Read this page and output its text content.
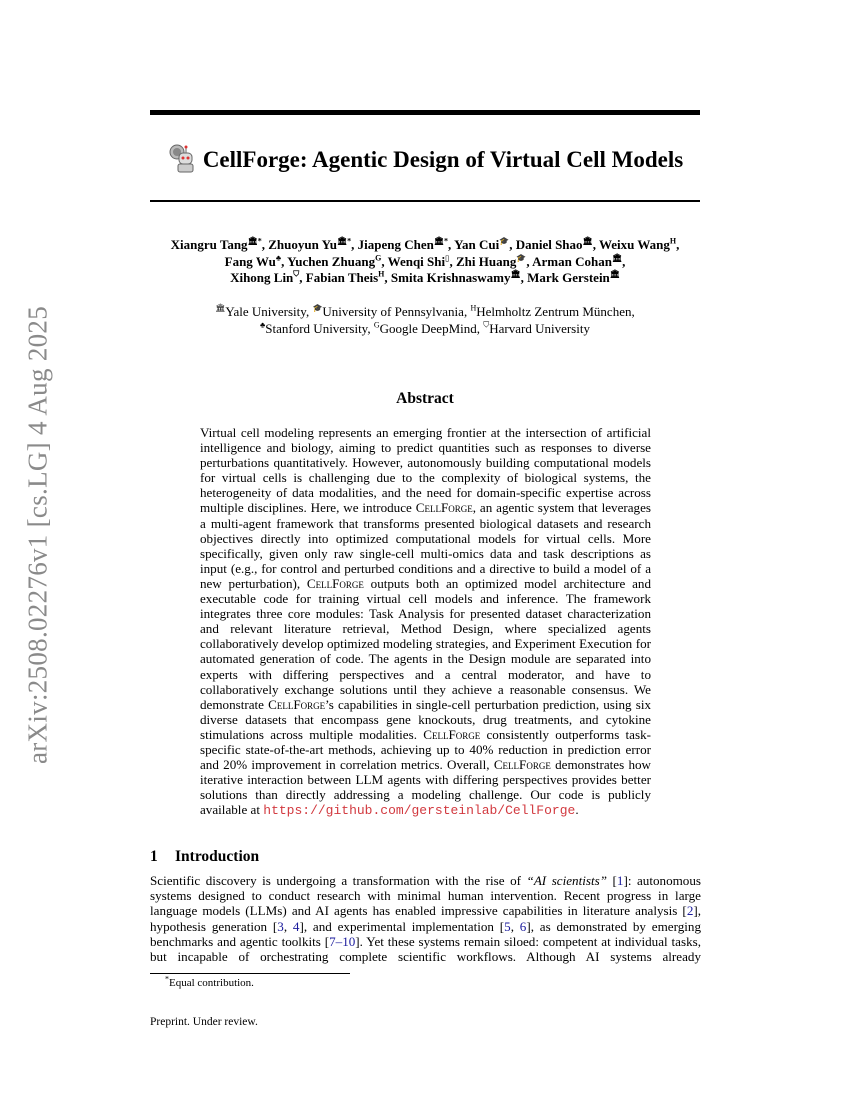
arXiv:2508.02276v1 [cs.LG] 4 Aug 2025
CellForge: Agentic Design of Virtual Cell Models
Xiangru Tang🏛*, Zhuoyun Yu🏛*, Jiapeng Chen🏛*, Yan Cui🎓, Daniel Shao🏛, Weixu Wang$^H$,
Fang Wu♣, Yuchen Zhuang$^G$, Wenqi Shi▯, Zhi Huang🎓, Arman Cohan🏛,
Xihong Lin⛉, Fabian Theis$^H$, Smita Krishnaswamy🏛, Mark Gerstein🏛
🏛Yale University, 🎓University of Pennsylvania, $^H$Helmholtz Zentrum München,
♣Stanford University, $^G$Google DeepMind, ⛉Harvard University
Abstract
Virtual cell modeling represents an emerging frontier at the intersection of artificial intelligence and biology, aiming to predict quantities such as responses to diverse perturbations quantitatively. However, autonomously building computational models for virtual cells is challenging due to the complexity of biological systems, the heterogeneity of data modalities, and the need for domain-specific expertise across multiple disciplines. Here, we introduce CellForge, an agentic system that leverages a multi-agent framework that transforms presented biological datasets and research objectives directly into optimized computational models for virtual cells. More specifically, given only raw single-cell multi-omics data and task descriptions as input (e.g., for control and perturbed conditions and a directive to build a model of a new perturbation), CellForge outputs both an optimized model architecture and executable code for training virtual cell models and inference. The framework integrates three core modules: Task Analysis for presented dataset characterization and relevant literature retrieval, Method Design, where specialized agents collaboratively develop optimized modeling strategies, and Experiment Execution for automated generation of code. The agents in the Design module are separated into experts with differing perspectives and a central moderator, and have to collaboratively exchange solutions until they achieve a reasonable consensus. We demonstrate CellForge’s capabilities in single-cell perturbation prediction, using six diverse datasets that encompass gene knockouts, drug treatments, and cytokine stimulations across multiple modalities. CellForge consistently outperforms task-specific state-of-the-art methods, achieving up to 40% reduction in prediction error and 20% improvement in correlation metrics. Overall, CellForge demonstrates how iterative interaction between LLM agents with differing perspectives provides better solutions than directly addressing a modeling challenge. Our code is publicly available at https://github.com/gersteinlab/CellForge.
1 Introduction
Scientific discovery is undergoing a transformation with the rise of “AI scientists” [1]: autonomous systems designed to conduct research with minimal human intervention. Recent progress in large language models (LLMs) and AI agents has enabled impressive capabilities in literature analysis [2], hypothesis generation [3, 4], and experimental implementation [5, 6], as demonstrated by emerging benchmarks and agentic toolkits [7–10]. Yet these systems remain siloed: competent at individual tasks, but incapable of orchestrating complete scientific workflows. Although AI systems already
*Equal contribution.
Preprint. Under review.
